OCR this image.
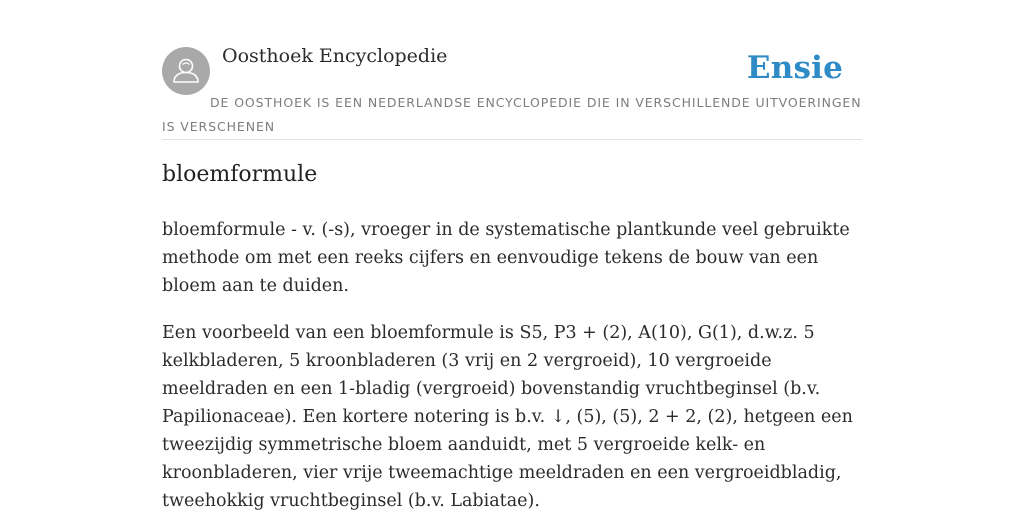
Oosthoek Encyclopedie	Ensie
DE OOSTHOEK IS EEN NEDERLANDSE ENCYCLOPEDIE DIE IN VERSCHILLENDE UITVOERINGEN IS VERSCHENEN
bloemformule

bloemformule - v. (-s), vroeger in de systematische plantkunde veel gebruikte methode om met een reeks cijfers en eenvoudige tekens de bouw van een bloem aan te duiden.

Een voorbeeld van een bloemformule is S5, P3 + (2), A(10), G(1), d.w.z. 5 kelkbladeren, 5 kroonbladeren (3 vrij en 2 vergroeid), 10 vergroeide meeldraden en een 1-bladig (vergroeid) bovenstandig vruchtbeginsel (b.v. Papilionaceae). Een kortere notering is b.v. ↓, (5), (5), 2 + 2, (2), hetgeen een tweezijdig symmetrische bloem aanduidt, met 5 vergroeide kelk- en kroonbladeren, vier vrije tweemachtige meeldraden en een vergroeidbladig, tweehokkig vruchtbeginsel (b.v. Labiatae).
